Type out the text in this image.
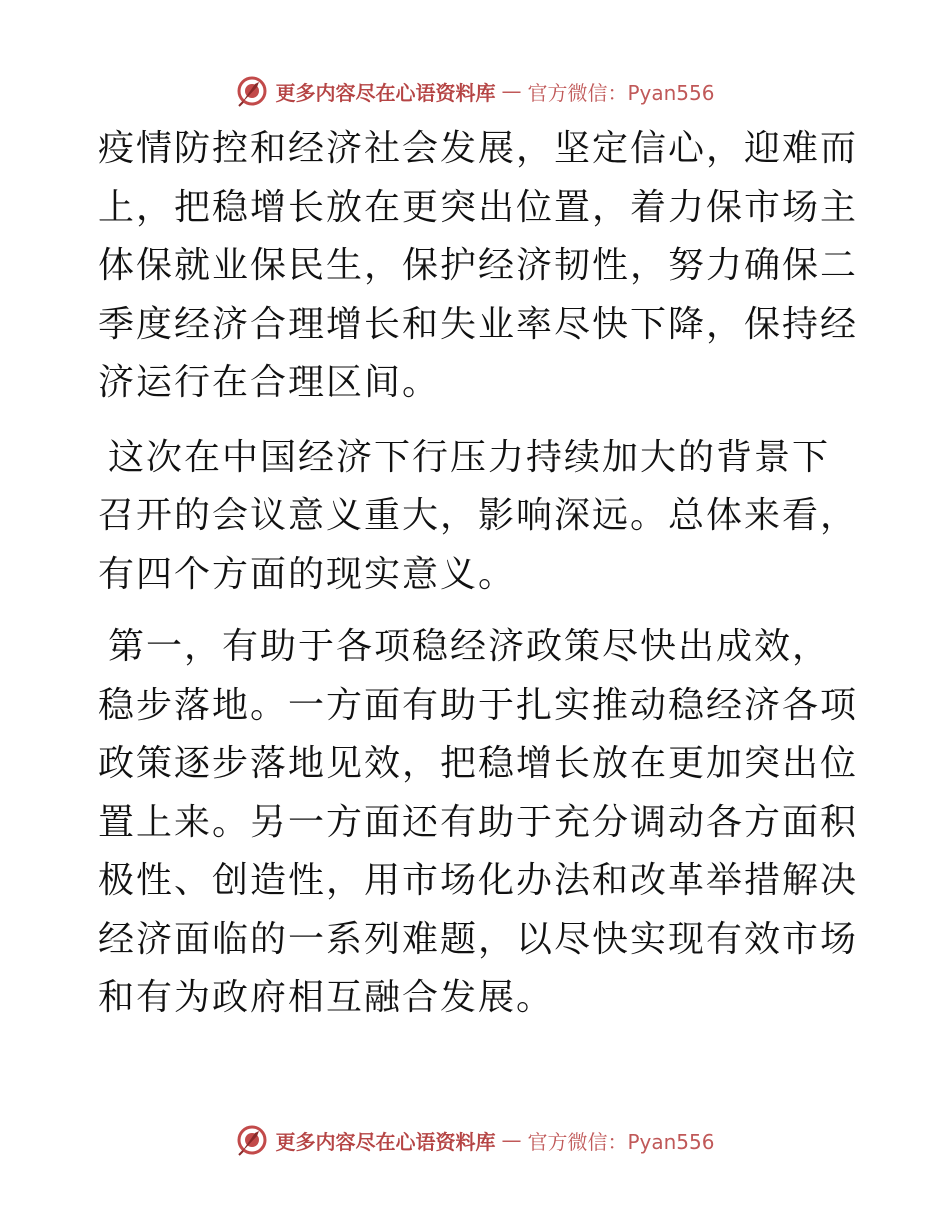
更多内容尽在心语资料库 — 官方微信：Pyan556

疫情防控和经济社会发展，坚定信心，迎难而上，把稳增长放在更突出位置，着力保市场主体保就业保民生，保护经济韧性，努力确保二季度经济合理增长和失业率尽快下降，保持经济运行在合理区间。

这次在中国经济下行压力持续加大的背景下召开的会议意义重大，影响深远。总体来看，有四个方面的现实意义。

第一，有助于各项稳经济政策尽快出成效，稳步落地。一方面有助于扎实推动稳经济各项政策逐步落地见效，把稳增长放在更加突出位置上来。另一方面还有助于充分调动各方面积极性、创造性，用市场化办法和改革举措解决经济面临的一系列难题，以尽快实现有效市场和有为政府相互融合发展。

更多内容尽在心语资料库 — 官方微信：Pyan556
